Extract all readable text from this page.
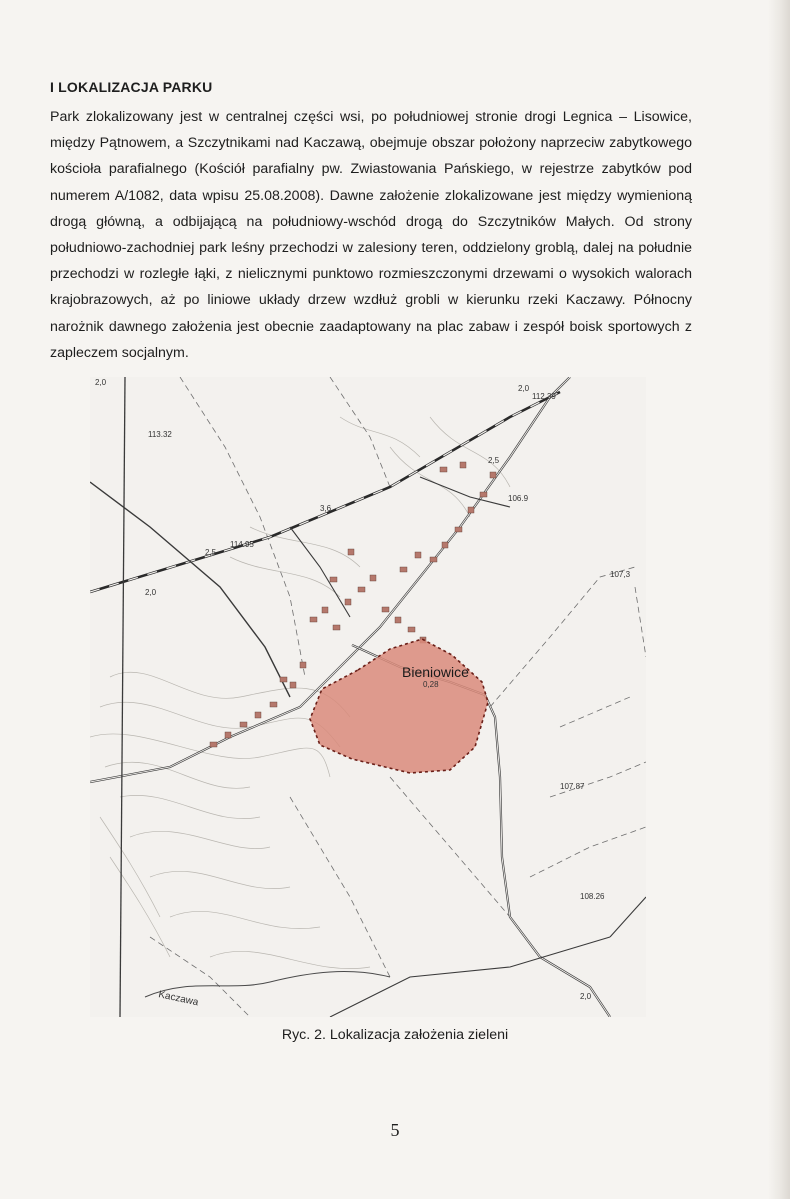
I LOKALIZACJA PARKU

Park zlokalizowany jest w centralnej części wsi, po południowej stronie drogi Legnica – Lisowice, między Pątnowem, a Szczytnikami nad Kaczawą, obejmuje obszar położony naprzeciw zabytkowego kościoła parafialnego (Kościół parafialny pw. Zwiastowania Pańskiego, w rejestrze zabytków pod numerem A/1082, data wpisu 25.08.2008). Dawne założenie zlokalizowane jest między wymienioną drogą główną, a odbijającą na południowy-wschód drogą do Szczytników Małych. Od strony południowo-zachodniej park leśny przechodzi w zalesiony teren, oddzielony groblą, dalej na południe przechodzi w rozległe łąki, z nielicznymi punktowo rozmieszczonymi drzewami o wysokich walorach krajobrazowych, aż po liniowe układy drzew wzdłuż grobli w kierunku rzeki Kaczawy. Północny narożnik dawnego założenia jest obecnie zaadaptowany na plac zabaw i zespół boisk sportowych z zapleczem socjalnym.

2,0
2,0
112.39
113.32
2,5
106.9
3,6
114.95
2,5
107,3
2,0
0,28
107.87
108.26
2,0
Kaczawa
Bieniowice
Ryc. 2. Lokalizacja założenia zieleni
5
